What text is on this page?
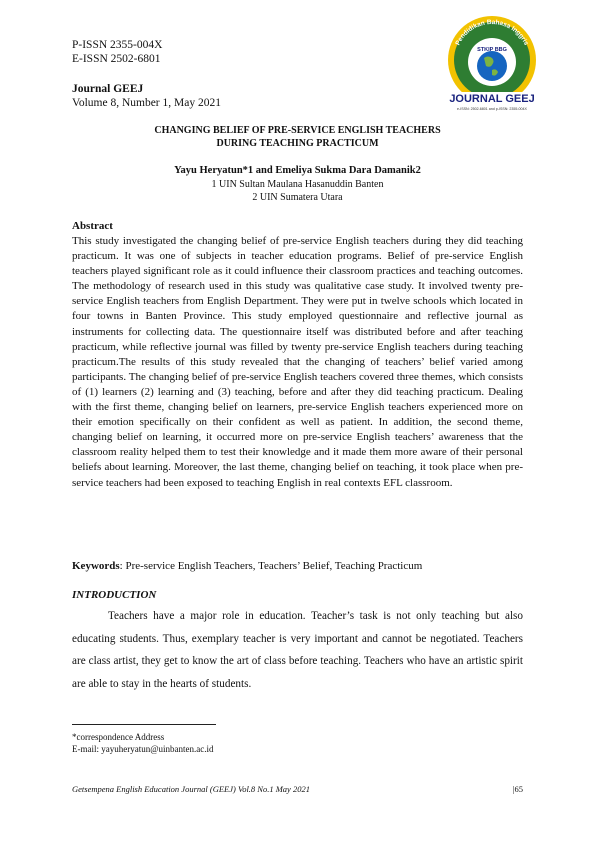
P-ISSN 2355-004X
E-ISSN 2502-6801
Journal GEEJ
Volume 8, Number 1, May 2021
STKIP BBG
Pendidikan Bahasa Inggris
JOURNAL GEEJ
e-ISSN: 2502-6801 and p-ISSN: 2355-004X
CHANGING BELIEF OF PRE-SERVICE ENGLISH TEACHERS
DURING TEACHING PRACTICUM
Yayu Heryatun*1 and Emeliya Sukma Dara Damanik2
1 UIN Sultan Maulana Hasanuddin Banten
2 UIN Sumatera Utara
Abstract
This study investigated the changing belief of pre-service English teachers during they did teaching practicum. It was one of subjects in teacher education programs. Belief of pre-service English teachers played significant role as it could influence their classroom practices and teaching outcomes. The methodology of research used in this study was qualitative case study. It involved twenty pre-service English teachers from English Department. They were put in twelve schools which located in four towns in Banten Province. This study employed questionnaire and reflective journal as instruments for collecting data. The questionnaire itself was distributed before and after teaching practicum, while reflective journal was filled by twenty pre-service English teachers during teaching practicum.The results of this study revealed that the changing of teachers’ belief varied among participants. The changing belief of pre-service English teachers covered three themes, which consists of (1) learners (2) learning and (3) teaching, before and after they did teaching practicum. Dealing with the first theme, changing belief on learners, pre-service English teachers experienced more on their emotion specifically on their confident as well as patient. In addition, the second theme, changing belief on learning, it occurred more on pre-service English teachers’ awareness that the classroom reality helped them to test their knowledge and it made them more aware of their personal beliefs about learning. Moreover, the last theme, changing belief on teaching, it took place when pre-service teachers had been exposed to teaching English in real contexts EFL classroom.
Keywords: Pre-service English Teachers, Teachers’ Belief, Teaching Practicum
INTRODUCTION
Teachers have a major role in education. Teacher’s task is not only teaching but also educating students. Thus, exemplary teacher is very important and cannot be negotiated. Teachers are class artist, they get to know the art of class before teaching. Teachers who have an artistic spirit are able to stay in the hearts of students.
*correspondence Address
E-mail: yayuheryatun@uinbanten.ac.id
Getsempena English Education Journal (GEEJ) Vol.8 No.1 May 2021	|65
